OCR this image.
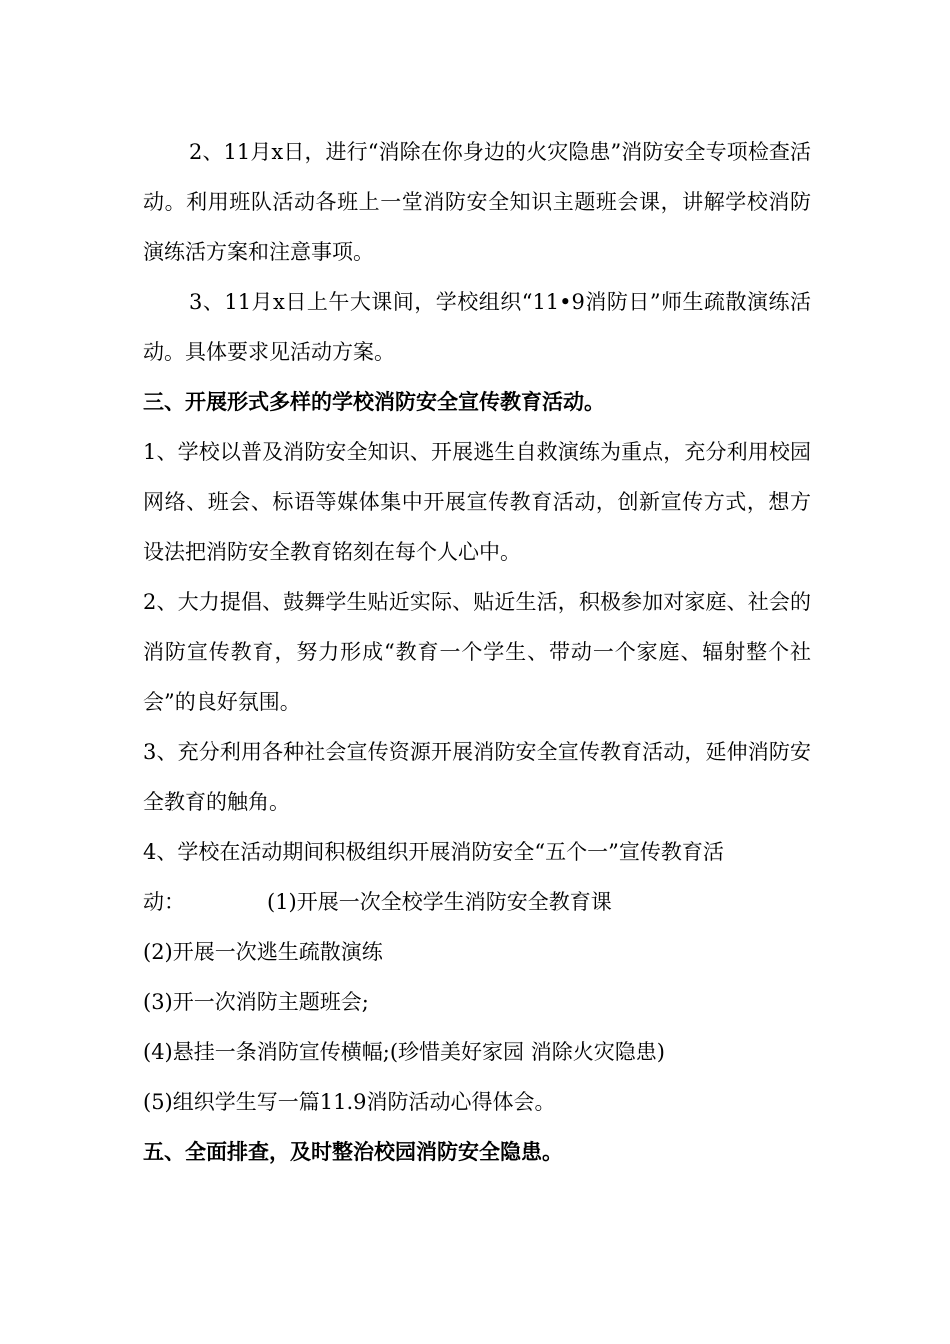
2、11月x日，进行“消除在你身边的火灾隐患”消防安全专项检查活动。利用班队活动各班上一堂消防安全知识主题班会课，讲解学校消防演练活方案和注意事项。

3、11月x日上午大课间，学校组织“11•9消防日”师生疏散演练活动。具体要求见活动方案。

三、开展形式多样的学校消防安全宣传教育活动。

1、学校以普及消防安全知识、开展逃生自救演练为重点，充分利用校园网络、班会、标语等媒体集中开展宣传教育活动，创新宣传方式，想方设法把消防安全教育铭刻在每个人心中。

2、大力提倡、鼓舞学生贴近实际、贴近生活，积极参加对家庭、社会的消防宣传教育，努力形成“教育一个学生、带动一个家庭、辐射整个社会”的良好氛围。

3、充分利用各种社会宣传资源开展消防安全宣传教育活动，延伸消防安全教育的触角。

4、学校在活动期间积极组织开展消防安全“五个一”宣传教育活

动：	(1)开展一次全校学生消防安全教育课

(2)开展一次逃生疏散演练

(3)开一次消防主题班会;

(4)悬挂一条消防宣传横幅;(珍惜美好家园 消除火灾隐患)

(5)组织学生写一篇11.9消防活动心得体会。

五、全面排查，及时整治校园消防安全隐患。
